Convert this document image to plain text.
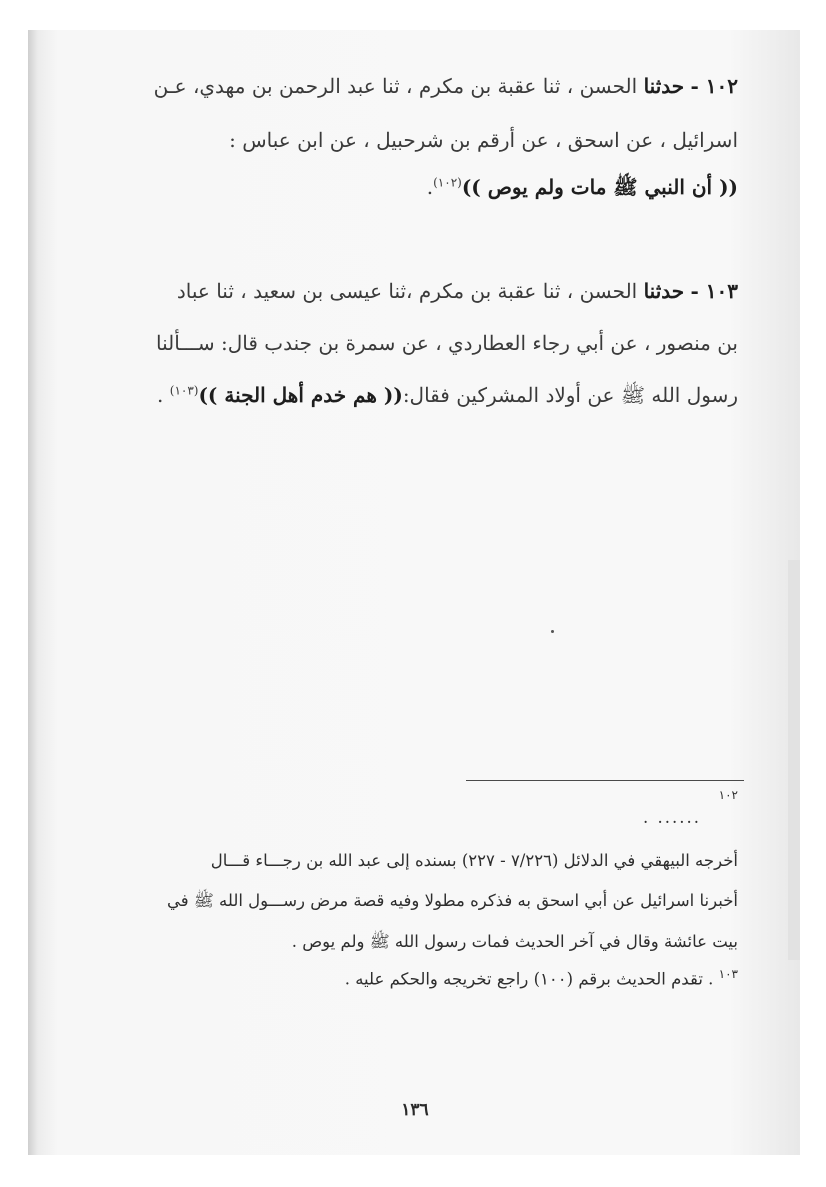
١٠٢ - حدثنا الحسن ، ثنا عقبة بن مكرم ، ثنا عبد الرحمن بن مهدي، عـن
اسرائيل ، عن اسحق ، عن أرقم بن شرحبيل ، عن ابن عباس :
(( أن النبي ﷺ مات ولم يوص ))$^{(١٠٢)}$.
١٠٣ - حدثنا الحسن ، ثنا عقبة بن مكرم ،ثنا عيسى بن سعيد ، ثنا عباد
بن منصور ، عن أبي رجاء العطاردي ، عن سمرة بن جندب قال: ســـألنا
رسول الله ﷺ عن أولاد المشركين فقال:(( هم خدم أهل الجنة ))$^{(١٠٣)}$ .
$^{١٠٢}$
...... .
أخرجه البيهقي في الدلائل (٧/٢٢٦ - ٢٢٧) بسنده إلى عبد الله بن رجـــاء قـــال
أخبرنا اسرائيل عن أبي اسحق به فذكره مطولا وفيه قصة مرض رســـول الله ﷺ في
بيت عائشة وقال في آخر الحديث فمات رسول الله ﷺ ولم يوص .
$^{١٠٣}$ . تقدم الحديث برقم (١٠٠) راجع تخريجه والحكم عليه .
١٣٦
